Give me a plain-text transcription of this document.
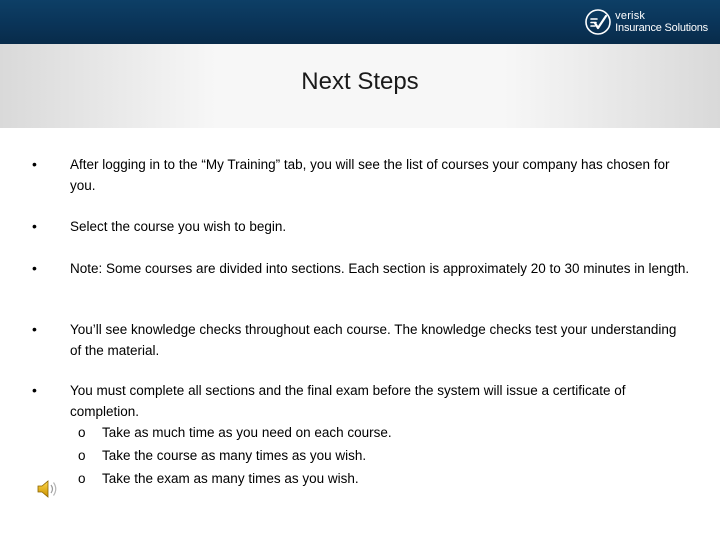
verisk
Insurance Solutions
Next Steps
• After logging in to the “My Training” tab, you will see the list of courses your company has chosen for you.
• Select the course you wish to begin.
• Note: Some courses are divided into sections. Each section is approximately 20 to 30 minutes in length.
• You’ll see knowledge checks throughout each course. The knowledge checks test your understanding of the material.
• You must complete all sections and the final exam before the system will issue a certificate of completion.
o Take as much time as you need on each course.
o Take the course as many times as you wish.
o Take the exam as many times as you wish.
